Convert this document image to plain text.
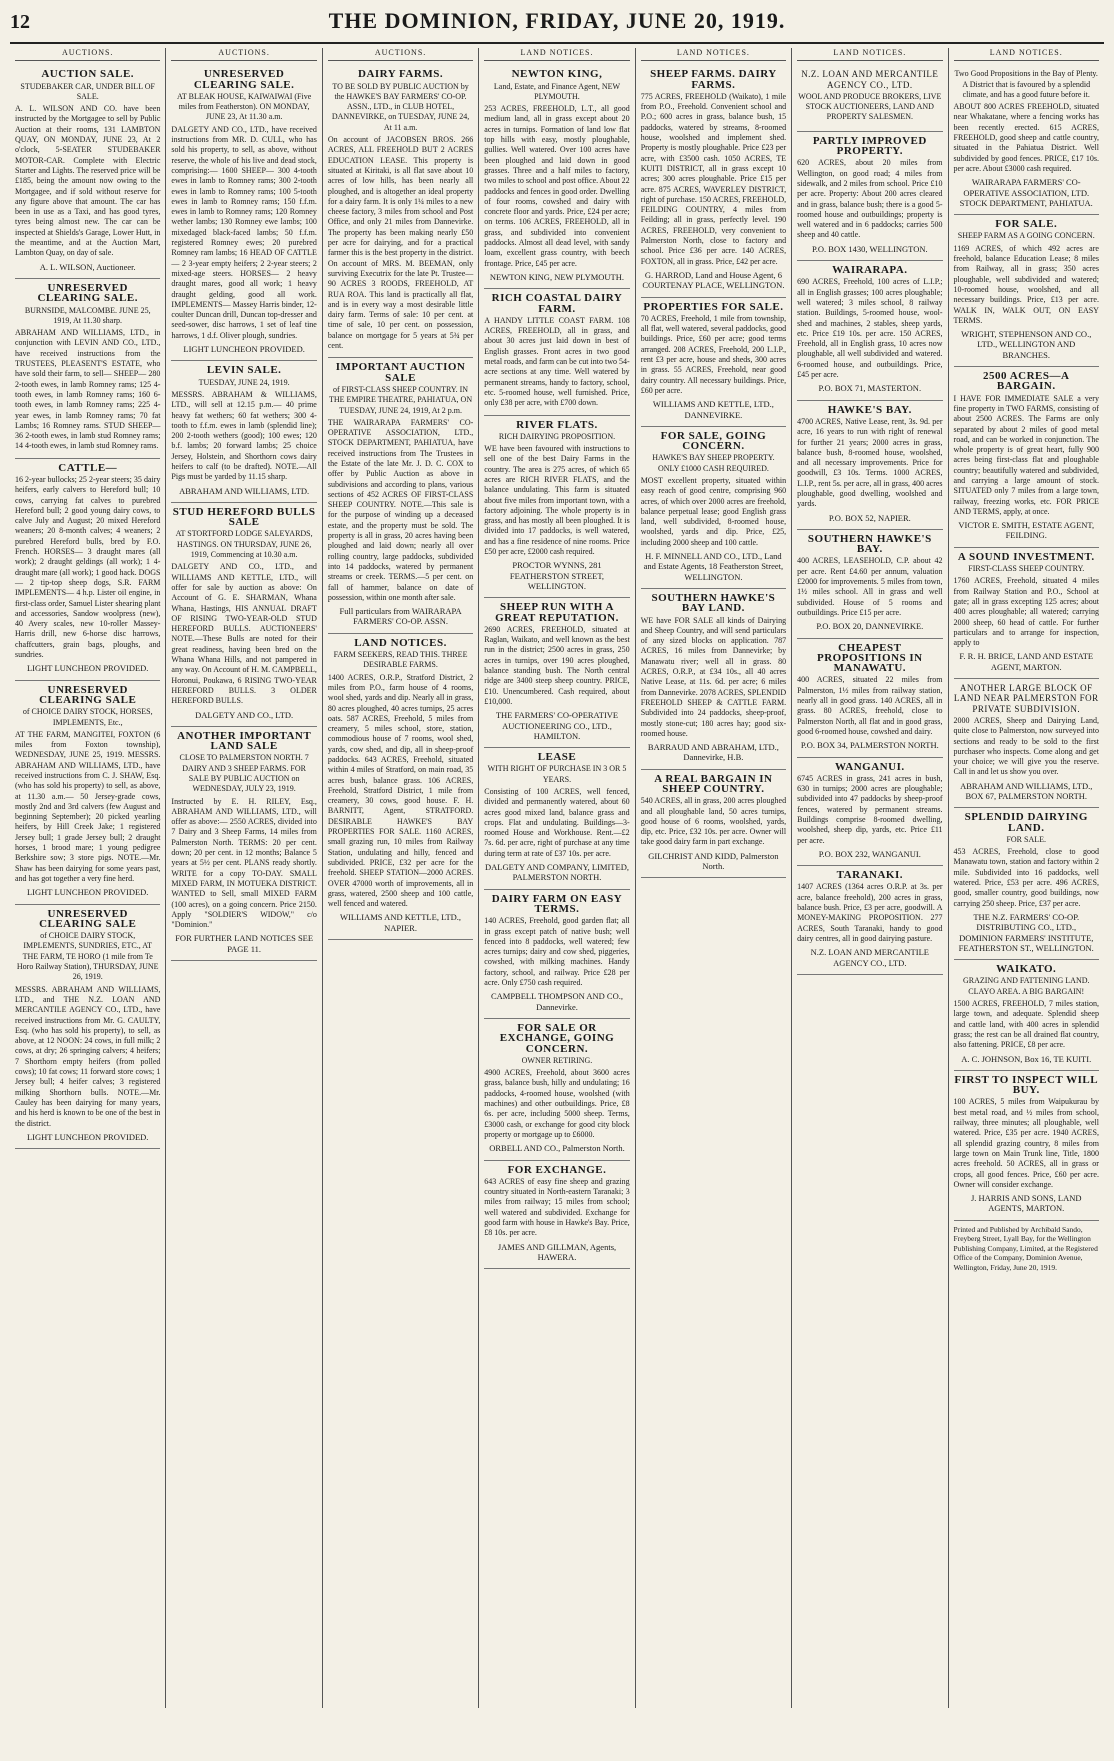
12	THE DOMINION, FRIDAY, JUNE 20, 1919.
AUCTIONS.
AUCTION SALE.
STUDEBAKER CAR, UNDER BILL OF SALE.
A. L. WILSON AND CO. have been instructed by the Mortgagee to sell by Public Auction at their rooms, 131 LAMBTON QUAY, ON MONDAY, JUNE 23, At 2 o'clock, 5-SEATER STUDEBAKER MOTOR-CAR. Complete with Electric Starter and Lights. The reserved price will be £185, being the amount now owing to the Mortgagee, and if sold without reserve for any figure above that amount. The car has been in use as a Taxi, and has good tyres, tyres being almost new. The car can be inspected at Shields's Garage, Lower Hutt, in the meantime, and at the Auction Mart, Lambton Quay, on day of sale.
A. L. WILSON, Auctioneer.
UNRESERVED CLEARING SALE.
BURNSIDE, MALCOMBE. JUNE 25, 1919, At 11.30 sharp.
ABRAHAM AND WILLIAMS, LTD., in conjunction with LEVIN AND CO., LTD., have received instructions from the TRUSTEES, PLEASENT'S ESTATE, who have sold their farm, to sell— SHEEP— 280 2-tooth ewes, in lamb Romney rams; 125 4-tooth ewes, in lamb Romney rams; 160 6-tooth ewes, in lamb Romney rams; 225 4-year ewes, in lamb Romney rams; 70 fat Lambs; 16 Romney rams. STUD SHEEP— 36 2-tooth ewes, in lamb stud Romney rams; 14 4-tooth ewes, in lamb stud Romney rams.
CATTLE—
16 2-year bullocks; 25 2-year steers; 35 dairy heifers, early calvers to Hereford bull; 10 cows, carrying fat calves to purebred Hereford bull; 2 good young dairy cows, to calve July and August; 20 mixed Hereford weaners; 20 8-month calves; 4 weaners; 2 purebred Hereford bulls, bred by F.O. French. HORSES— 3 draught mares (all work); 2 draught geldings (all work); 1 4-draught mare (all work); 1 good hack. DOGS— 2 tip-top sheep dogs, S.R. FARM IMPLEMENTS— 4 h.p. Lister oil engine, in first-class order, Samuel Lister shearing plant and accessories, Sandow woolpress (new), 40 Avery scales, new 10-roller Massey-Harris drill, new 6-horse disc harrows, chaffcutters, grain bags, ploughs, and sundries.
LIGHT LUNCHEON PROVIDED.
UNRESERVED CLEARING SALE
of CHOICE DAIRY STOCK, HORSES, IMPLEMENTS, Etc.,
AT THE FARM, MANGITEI, FOXTON (6 miles from Foxton township), WEDNESDAY, JUNE 25, 1919. MESSRS. ABRAHAM AND WILLIAMS, LTD., have received instructions from C. J. SHAW, Esq. (who has sold his property) to sell, as above, at 11.30 a.m.— 50 Jersey-grade cows, mostly 2nd and 3rd calvers (few August and beginning September); 20 picked yearling heifers, by Hill Creek Jake; 1 registered Jersey bull; 1 grade Jersey bull; 2 draught horses, 1 brood mare; 1 young pedigree Berkshire sow; 3 store pigs. NOTE.—Mr. Shaw has been dairying for some years past, and has got together a very fine herd.
LIGHT LUNCHEON PROVIDED.
UNRESERVED CLEARING SALE
of CHOICE DAIRY STOCK, IMPLEMENTS, SUNDRIES, ETC., AT THE FARM, TE HORO (1 mile from Te Horo Railway Station), THURSDAY, JUNE 26, 1919.
MESSRS. ABRAHAM AND WILLIAMS, LTD., and THE N.Z. LOAN AND MERCANTILE AGENCY CO., LTD., have received instructions from Mr. G. CAULTY, Esq. (who has sold his property), to sell, as above, at 12 NOON: 24 cows, in full milk; 2 cows, at dry; 26 springing calvers; 4 heifers; 7 Shorthorn empty heifers (from polled cows); 10 fat cows; 11 forward store cows; 1 Jersey bull; 4 heifer calves; 3 registered milking Shorthorn bulls. NOTE.—Mr. Cauley has been dairying for many years, and his herd is known to be one of the best in the district.
LIGHT LUNCHEON PROVIDED.
AUCTIONS.
UNRESERVED CLEARING SALE.
AT BLEAK HOUSE, KAIWAIWAI (Five miles from Featherston). ON MONDAY, JUNE 23, At 11.30 a.m.
DALGETY AND CO., LTD., have received instructions from MR. D. CULL, who has sold his property, to sell, as above, without reserve, the whole of his live and dead stock, comprising:— 1600 SHEEP— 300 4-tooth ewes in lamb to Romney rams; 300 2-tooth ewes in lamb to Romney rams; 100 5-tooth ewes in lamb to Romney rams; 150 f.f.m. ewes in lamb to Romney rams; 120 Romney wether lambs; 130 Romney ewe lambs; 100 mixedaged black-faced lambs; 50 f.f.m. registered Romney ewes; 20 purebred Romney ram lambs; 16 HEAD OF CATTLE— 2 3-year empty heifers; 2 2-year steers; 2 mixed-age steers. HORSES— 2 heavy draught mares, good all work; 1 heavy draught gelding, good all work. IMPLEMENTS— Massey Harris binder, 12-coulter Duncan drill, Duncan top-dresser and seed-sower, disc harrows, 1 set of leaf tine harrows, 1 d.f. Oliver plough, sundries.
LIGHT LUNCHEON PROVIDED.
LEVIN SALE.
TUESDAY, JUNE 24, 1919.
MESSRS. ABRAHAM & WILLIAMS, LTD., will sell at 12.15 p.m.— 40 prime heavy fat wethers; 60 fat wethers; 300 4-tooth to f.f.m. ewes in lamb (splendid line); 200 2-tooth wethers (good); 100 ewes; 120 b.f. lambs; 20 forward lambs; 25 choice Jersey, Holstein, and Shorthorn cows dairy heifers to calf (to be drafted). NOTE.—All Pigs must be yarded by 11.15 sharp.
ABRAHAM AND WILLIAMS, LTD.
STUD HEREFORD BULLS SALE
AT STORTFORD LODGE SALEYARDS, HASTINGS. ON THURSDAY, JUNE 26, 1919, Commencing at 10.30 a.m.
DALGETY AND CO., LTD., and WILLIAMS AND KETTLE, LTD., will offer for sale by auction as above: On Account of G. E. SHARMAN, Whana Whana, Hastings, HIS ANNUAL DRAFT OF RISING TWO-YEAR-OLD STUD HEREFORD BULLS. AUCTIONEERS' NOTE.—These Bulls are noted for their great readiness, having been bred on the Whana Whana Hills, and not pampered in any way. On Account of H. M. CAMPBELL, Horonui, Poukawa, 6 RISING TWO-YEAR HEREFORD BULLS. 3 OLDER HEREFORD BULLS.
DALGETY AND CO., LTD.
ANOTHER IMPORTANT LAND SALE
CLOSE TO PALMERSTON NORTH. 7 DAIRY AND 3 SHEEP FARMS. FOR SALE BY PUBLIC AUCTION on WEDNESDAY, JULY 23, 1919.
Instructed by E. H. RILEY, Esq., ABRAHAM AND WILLIAMS, LTD., will offer as above:— 2550 ACRES, divided into 7 Dairy and 3 Sheep Farms, 14 miles from Palmerston North. TERMS: 20 per cent. down; 20 per cent. in 12 months; Balance 5 years at 5½ per cent. PLANS ready shortly. WRITE for a copy TO-DAY. SMALL MIXED FARM, IN MOTUEKA DISTRICT. WANTED to Sell, small MIXED FARM (100 acres), on a going concern. Price 2150. Apply "SOLDIER'S WIDOW," c/o "Dominion."
FOR FURTHER LAND NOTICES SEE PAGE 11.
AUCTIONS.
DAIRY FARMS.
TO BE SOLD BY PUBLIC AUCTION by the HAWKE'S BAY FARMERS' CO-OP. ASSN., LTD., in CLUB HOTEL, DANNEVIRKE, on TUESDAY, JUNE 24, At 11 a.m.
On account of JACOBSEN BROS. 266 ACRES, ALL FREEHOLD BUT 2 ACRES EDUCATION LEASE. This property is situated at Kiritaki, is all flat save about 10 acres of low hills, has been nearly all ploughed, and is altogether an ideal property for a dairy farm. It is only 1¼ miles to a new cheese factory, 3 miles from school and Post Office, and only 21 miles from Dannevirke. The property has been making nearly £50 per acre for dairying, and for a practical farmer this is the best property in the district. On account of MRS. M. BEEMAN, only surviving Executrix for the late Pt. Trustee— 90 ACRES 3 ROODS, FREEHOLD, AT RUA ROA. This land is practically all flat, and is in every way a most desirable little dairy farm. Terms of sale: 10 per cent. at time of sale, 10 per cent. on possession, balance on mortgage for 5 years at 5¾ per cent.
IMPORTANT AUCTION SALE
of FIRST-CLASS SHEEP COUNTRY. IN THE EMPIRE THEATRE, PAHIATUA, ON TUESDAY, JUNE 24, 1919, At 2 p.m.
THE WAIRARAPA FARMERS' CO-OPERATIVE ASSOCIATION, LTD., STOCK DEPARTMENT, PAHIATUA, have received instructions from The Trustees in the Estate of the late Mr. J. D. C. COX to offer by Public Auction as above in subdivisions and according to plans, various sections of 452 ACRES OF FIRST-CLASS SHEEP COUNTRY. NOTE.—This sale is for the purpose of winding up a deceased estate, and the property must be sold. The property is all in grass, 20 acres having been ploughed and laid down; nearly all over rolling country, large paddocks, subdivided into 14 paddocks, watered by permanent streams or creek. TERMS.—5 per cent. on fall of hammer, balance on date of possession, within one month after sale.
Full particulars from WAIRARAPA FARMERS' CO-OP. ASSN.
LAND NOTICES.
FARM SEEKERS, READ THIS. THREE DESIRABLE FARMS.
1400 ACRES, O.R.P., Stratford District, 2 miles from P.O., farm house of 4 rooms, wool shed, yards and dip. Nearly all in grass, 80 acres ploughed, 40 acres turnips, 25 acres oats. 587 ACRES, Freehold, 5 miles from creamery, 5 miles school, store, station, commodious house of 7 rooms, wool shed, yards, cow shed, and dip, all in sheep-proof paddocks. 643 ACRES, Freehold, situated within 4 miles of Stratford, on main road, 35 acres bush, balance grass. 106 ACRES, Freehold, Stratford District, 1 mile from creamery, 30 cows, good house. F. H. BARNITT, Agent, STRATFORD. DESIRABLE HAWKE'S BAY PROPERTIES FOR SALE. 1160 ACRES, small grazing run, 10 miles from Railway Station, undulating and hilly, fenced and subdivided. PRICE, £32 per acre for the freehold. SHEEP STATION—2000 ACRES. OVER 47000 worth of improvements, all in grass, watered, 2500 sheep and 100 cattle, well fenced and watered.
WILLIAMS AND KETTLE, LTD., NAPIER.
LAND NOTICES.
NEWTON KING,
Land, Estate, and Finance Agent, NEW PLYMOUTH.
253 ACRES, FREEHOLD, L.T., all good medium land, all in grass except about 20 acres in turnips. Formation of land low flat top hills with easy, mostly ploughable, gullies. Well watered. Over 100 acres have been ploughed and laid down in good grasses. Three and a half miles to factory, two miles to school and post office. About 22 paddocks and fences in good order. Dwelling of four rooms, cowshed and dairy with concrete floor and yards. Price, £24 per acre; on terms. 106 ACRES, FREEHOLD, all in grass, and subdivided into convenient paddocks. Almost all dead level, with sandy loam, excellent grass country, with beech frontage. Price, £45 per acre.
NEWTON KING, NEW PLYMOUTH.
RICH COASTAL DAIRY FARM.
A HANDY LITTLE COAST FARM. 108 ACRES, FREEHOLD, all in grass, and about 30 acres just laid down in best of English grasses. Front acres in two good metal roads, and farm can be cut into two 54-acre sections at any time. Well watered by permanent streams, handy to factory, school, etc. 5-roomed house, well furnished. Price, only £38 per acre, with £700 down.
RIVER FLATS.
RICH DAIRYING PROPOSITION.
WE have been favoured with instructions to sell one of the best Dairy Farms in the country. The area is 275 acres, of which 65 acres are RICH RIVER FLATS, and the balance undulating. This farm is situated about five miles from important town, with a factory adjoining. The whole property is in grass, and has mostly all been ploughed. It is divided into 17 paddocks, is well watered, and has a fine residence of nine rooms. Price £50 per acre, £2000 cash required.
PROCTOR WYNNS, 281 FEATHERSTON STREET, WELLINGTON.
SHEEP RUN WITH A GREAT REPUTATION.
2690 ACRES, FREEHOLD, situated at Raglan, Waikato, and well known as the best run in the district; 2500 acres in grass, 250 acres in turnips, over 190 acres ploughed, balance standing bush. The North central ridge are 3400 steep sheep country. PRICE, £10. Unencumbered. Cash required, about £10,000.
THE FARMERS' CO-OPERATIVE AUCTIONEERING CO., LTD., HAMILTON.
LEASE
WITH RIGHT OF PURCHASE IN 3 OR 5 YEARS.
Consisting of 100 ACRES, well fenced, divided and permanently watered, about 60 acres good mixed land, balance grass and crops. Flat and undulating. Buildings—3-roomed House and Workhouse. Rent.—£2 7s. 6d. per acre, right of purchase at any time during term at rate of £37 10s. per acre.
DALGETY AND COMPANY, LIMITED, PALMERSTON NORTH.
DAIRY FARM ON EASY TERMS.
140 ACRES, Freehold, good garden flat; all in grass except patch of native bush; well fenced into 8 paddocks, well watered; few acres turnips; dairy and cow shed, piggeries, cowshed, with milking machines. Handy factory, school, and railway. Price £28 per acre. Only £750 cash required.
CAMPBELL THOMPSON AND CO., Dannevirke.
FOR SALE OR EXCHANGE, GOING CONCERN.
OWNER RETIRING.
4900 ACRES, Freehold, about 3600 acres grass, balance bush, hilly and undulating; 16 paddocks, 4-roomed house, woolshed (with machines) and other outbuildings. Price, £8 6s. per acre, including 5000 sheep. Terms, £3000 cash, or exchange for good city block property or mortgage up to £6000.
ORBELL AND CO., Palmerston North.
FOR EXCHANGE.
643 ACRES of easy fine sheep and grazing country situated in North-eastern Taranaki; 3 miles from railway; 15 miles from school; well watered and subdivided. Exchange for good farm with house in Hawke's Bay. Price, £8 10s. per acre.
JAMES AND GILLMAN, Agents, HAWERA.
LAND NOTICES.
SHEEP FARMS. DAIRY FARMS.
775 ACRES, FREEHOLD (Waikato), 1 mile from P.O., Freehold. Convenient school and P.O.; 600 acres in grass, balance bush, 15 paddocks, watered by streams, 8-roomed house, woolshed and implement shed. Property is mostly ploughable. Price £23 per acre, with £3500 cash. 1050 ACRES, TE KUITI DISTRICT, all in grass except 10 acres; 300 acres ploughable. Price £15 per acre. 875 ACRES, WAVERLEY DISTRICT, right of purchase. 150 ACRES, FREEHOLD, FEILDING COUNTRY, 4 miles from Feilding; all in grass, perfectly level. 190 ACRES, FREEHOLD, very convenient to Palmerston North, close to factory and school. Price £36 per acre. 140 ACRES, FOXTON, all in grass. Price, £42 per acre.
G. HARROD, Land and House Agent, 6 COURTENAY PLACE, WELLINGTON.
PROPERTIES FOR SALE.
70 ACRES, Freehold, 1 mile from township, all flat, well watered, several paddocks, good buildings. Price, £60 per acre; good terms arranged. 208 ACRES, Freehold, 200 L.I.P., rent £3 per acre, house and sheds, 300 acres in grass. 55 ACRES, Freehold, near good dairy country. All necessary buildings. Price, £60 per acre.
WILLIAMS AND KETTLE, LTD., DANNEVIRKE.
FOR SALE, GOING CONCERN.
HAWKE'S BAY SHEEP PROPERTY. ONLY £1000 CASH REQUIRED.
MOST excellent property, situated within easy reach of good centre, comprising 960 acres, of which over 2000 acres are freehold, balance perpetual lease; good English grass land, well subdivided, 8-roomed house, woolshed, yards and dip. Price, £25, including 2000 sheep and 100 cattle.
H. F. MINNELL AND CO., LTD., Land and Estate Agents, 18 Featherston Street, WELLINGTON.
SOUTHERN HAWKE'S BAY LAND.
WE have FOR SALE all kinds of Dairying and Sheep Country, and will send particulars of any sized blocks on application. 787 ACRES, 16 miles from Dannevirke; by Manawatu river; well all in grass. 80 ACRES, O.R.P., at £34 10s., all 40 acres Native Lease, at 11s. 6d. per acre; 6 miles from Dannevirke. 2078 ACRES, SPLENDID FREEHOLD SHEEP & CATTLE FARM. Subdivided into 24 paddocks, sheep-proof, mostly stone-cut; 180 acres hay; good six-roomed house.
BARRAUD AND ABRAHAM, LTD., Dannevirke, H.B.
A REAL BARGAIN IN SHEEP COUNTRY.
540 ACRES, all in grass, 200 acres ploughed and all ploughable land, 50 acres turnips, good house of 6 rooms, woolshed, yards, dip, etc. Price, £32 10s. per acre. Owner will take good dairy farm in part exchange.
GILCHRIST AND KIDD, Palmerston North.
LAND NOTICES.
N.Z. LOAN AND MERCANTILE AGENCY CO., LTD.
WOOL AND PRODUCE BROKERS, LIVE STOCK AUCTIONEERS, LAND AND PROPERTY SALESMEN.
PARTLY IMPROVED PROPERTY.
620 ACRES, about 20 miles from Wellington, on good road; 4 miles from sidewalk, and 2 miles from school. Price £10 per acre. Property: About 200 acres cleared and in grass, balance bush; there is a good 5-roomed house and outbuildings; property is well watered and in 6 paddocks; carries 500 sheep and 40 cattle.
P.O. BOX 1430, WELLINGTON.
WAIRARAPA.
690 ACRES, Freehold, 100 acres of L.I.P.; all in English grasses; 100 acres ploughable; well watered; 3 miles school, 8 railway station. Buildings, 5-roomed house, wool-shed and machines, 2 stables, sheep yards, etc. Price £19 10s. per acre. 150 ACRES, Freehold, all in English grass, 10 acres now ploughable, all well subdivided and watered. 6-roomed house, and outbuildings. Price, £45 per acre.
P.O. BOX 71, MASTERTON.
HAWKE'S BAY.
4700 ACRES, Native Lease, rent, 3s. 9d. per acre, 16 years to run with right of renewal for further 21 years; 2000 acres in grass, balance bush, 8-roomed house, woolshed, and all necessary improvements. Price for goodwill, £3 10s. Terms. 1000 ACRES, L.I.P., rent 5s. per acre, all in grass, 400 acres ploughable, good dwelling, woolshed and yards.
P.O. BOX 52, NAPIER.
SOUTHERN HAWKE'S BAY.
400 ACRES, LEASEHOLD, C.P. about 42 per acre. Rent £4.60 per annum, valuation £2000 for improvements. 5 miles from town, 1½ miles school. All in grass and well subdivided. House of 5 rooms and outbuildings. Price £15 per acre.
P.O. BOX 20, DANNEVIRKE.
CHEAPEST PROPOSITIONS IN MANAWATU.
400 ACRES, situated 22 miles from Palmerston, 1½ miles from railway station, nearly all in good grass. 140 ACRES, all in grass. 80 ACRES, freehold, close to Palmerston North, all flat and in good grass, good 6-roomed house, cowshed and dairy.
P.O. BOX 34, PALMERSTON NORTH.
WANGANUI.
6745 ACRES in grass, 241 acres in bush, 630 in turnips; 2000 acres are ploughable; subdivided into 47 paddocks by sheep-proof fences, watered by permanent streams. Buildings comprise 8-roomed dwelling, woolshed, sheep dip, yards, etc. Price £11 per acre.
P.O. BOX 232, WANGANUI.
TARANAKI.
1407 ACRES (1364 acres O.R.P. at 3s. per acre, balance freehold), 200 acres in grass, balance bush. Price, £3 per acre, goodwill. A MONEY-MAKING PROPOSITION. 277 ACRES, South Taranaki, handy to good dairy centres, all in good dairying pasture.
N.Z. LOAN AND MERCANTILE AGENCY CO., LTD.
LAND NOTICES.
Two Good Propositions in the Bay of Plenty. A District that is favoured by a splendid climate, and has a good future before it.
ABOUT 800 ACRES FREEHOLD, situated near Whakatane, where a fencing works has been recently erected. 615 ACRES, FREEHOLD, good sheep and cattle country, situated in the Pahiatua District. Well subdivided by good fences. PRICE, £17 10s. per acre. About £3000 cash required.
WAIRARAPA FARMERS' CO-OPERATIVE ASSOCIATION, LTD. STOCK DEPARTMENT, PAHIATUA.
FOR SALE.
SHEEP FARM AS A GOING CONCERN.
1169 ACRES, of which 492 acres are freehold, balance Education Lease; 8 miles from Railway, all in grass; 350 acres ploughable, well subdivided and watered; 10-roomed house, woolshed, and all necessary buildings. Price, £13 per acre. WALK IN, WALK OUT, ON EASY TERMS.
WRIGHT, STEPHENSON AND CO., LTD., WELLINGTON AND BRANCHES.
2500 ACRES—A BARGAIN.
I HAVE FOR IMMEDIATE SALE a very fine property in TWO FARMS, consisting of about 2500 ACRES. The Farms are only separated by about 2 miles of good metal road, and can be worked in conjunction. The whole property is of great heart, fully 900 acres being first-class flat and ploughable country; beautifully watered and subdivided, and carrying a large amount of stock. SITUATED only 7 miles from a large town, railway, freezing works, etc. FOR PRICE AND TERMS, apply, at once.
VICTOR E. SMITH, ESTATE AGENT, FEILDING.
A SOUND INVESTMENT.
FIRST-CLASS SHEEP COUNTRY.
1760 ACRES, Freehold, situated 4 miles from Railway Station and P.O., School at gate; all in grass excepting 125 acres; about 400 acres ploughable; all watered; carrying 2000 sheep, 60 head of cattle. For further particulars and to arrange for inspection, apply to
F. R. H. BRICE, LAND AND ESTATE AGENT, MARTON.
ANOTHER LARGE BLOCK OF LAND NEAR PALMERSTON FOR PRIVATE SUBDIVISION.
2000 ACRES, Sheep and Dairying Land, quite close to Palmerston, now surveyed into sections and ready to be sold to the first purchaser who inspects. Come along and get your choice; we will give you the reserve. Call in and let us show you over.
ABRAHAM AND WILLIAMS, LTD., BOX 67, PALMERSTON NORTH.
SPLENDID DAIRYING LAND.
FOR SALE.
453 ACRES, Freehold, close to good Manawatu town, station and factory within 2 mile. Subdivided into 16 paddocks, well watered. Price, £53 per acre. 496 ACRES, good, smaller country, good buildings, now carrying 250 sheep. Price, £37 per acre.
THE N.Z. FARMERS' CO-OP. DISTRIBUTING CO., LTD., DOMINION FARMERS' INSTITUTE, FEATHERSTON ST., WELLINGTON.
WAIKATO.
GRAZING AND FATTENING LAND. CLAYO AREA. A BIG BARGAIN!
1500 ACRES, FREEHOLD, 7 miles station, large town, and adequate. Splendid sheep and cattle land, with 400 acres in splendid grass; the rest can be all drained flat country, also fattening. PRICE, £8 per acre.
A. C. JOHNSON, Box 16, TE KUITI.
FIRST TO INSPECT WILL BUY.
100 ACRES, 5 miles from Waipukurau by best metal road, and ½ miles from school, railway, three minutes; all ploughable, well watered. Price, £35 per acre. 1940 ACRES, all splendid grazing country, 8 miles from large town on Main Trunk line, Title, 1800 acres freehold. 50 ACRES, all in grass or crops, all good fences. Price, £60 per acre. Owner will consider exchange.
J. HARRIS AND SONS, LAND AGENTS, MARTON.
Printed and Published by Archibald Sando, Freyberg Street, Lyall Bay, for the Wellington Publishing Company, Limited, at the Registered Office of the Company, Dominion Avenue, Wellington, Friday, June 20, 1919.
